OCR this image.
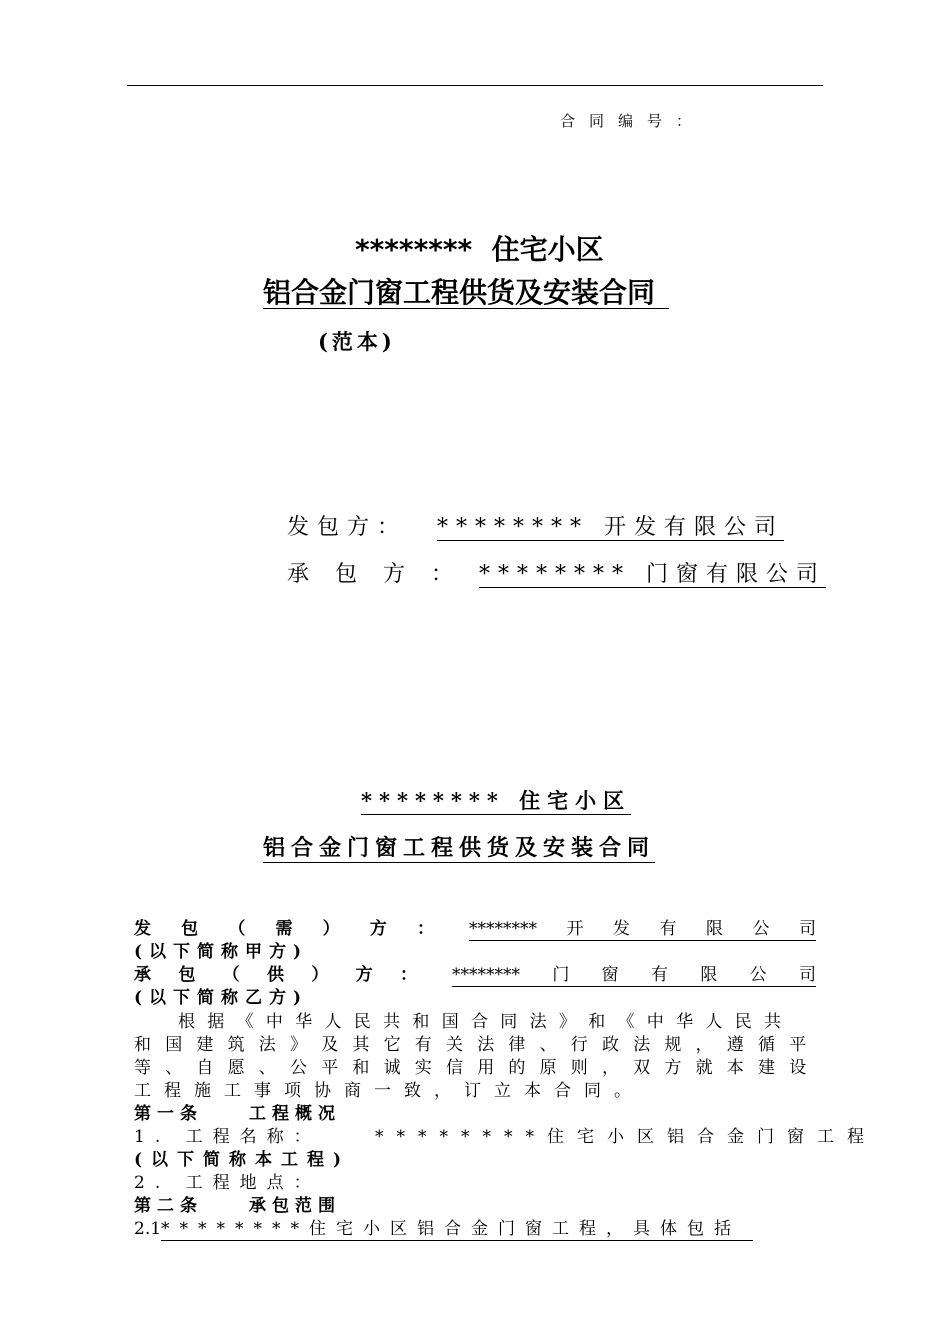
合同编号：
******** 住宅小区
铝合金门窗工程供货及安装合同
(范本)
发包方： ******** 开发有限公司
承包方：******** 门窗有限公司
******** 住宅小区
铝合金门窗工程供货及安装合同
发 包 （ 需 ） 方 ： ******** 开 发 有 限 公 司
(以下简称甲方)
承 包 （ 供 ） 方 ： ******** 门 窗 有 限 公 司
(以下简称乙方)
根据《中华人民共和国合同法》和《中华人民共
和国建筑法》及其它有关法律、行政法规，遵循平
等、自愿、公平和诚实信用的原则，双方就本建设
工程施工事项协商一致，订立本合同。
第一条　　工程概况
1. 工程名称：	********住宅小区铝合金门窗工程
(以下简称本工程)
2. 工程地点：
第二条　　承包范围
2.1********住宅小区铝合金门窗工程，具体包括
